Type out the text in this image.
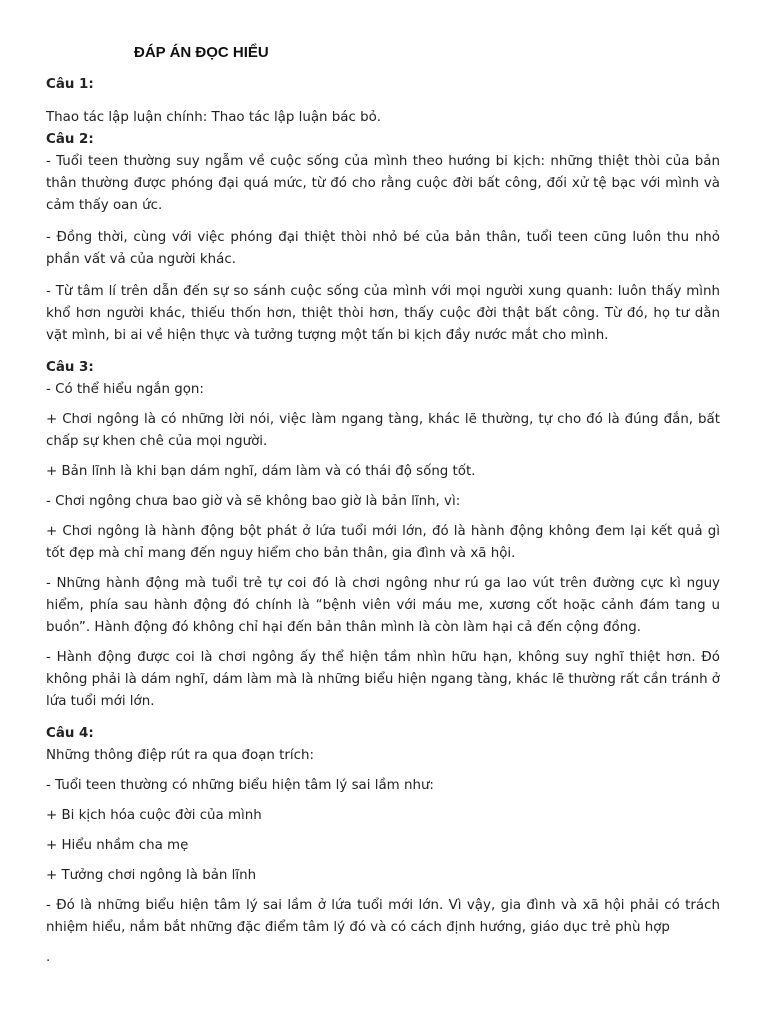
ĐÁP ÁN ĐỌC HIỂU

Câu 1:

Thao tác lập luận chính: Thao tác lập luận bác bỏ.

Câu 2:

- Tuổi teen thường suy ngẫm về cuộc sống của mình theo hướng bi kịch: những thiệt thòi của bản thân thường được phóng đại quá mức, từ đó cho rằng cuộc đời bất công, đối xử tệ bạc với mình và cảm thấy oan ức.

- Đồng thời, cùng với việc phóng đại thiệt thòi nhỏ bé của bản thân, tuổi teen cũng luôn thu nhỏ phần vất vả của người khác.

- Từ tâm lí trên dẫn đến sự so sánh cuộc sống của mình với mọi người xung quanh: luôn thấy mình khổ hơn người khác, thiếu thốn hơn, thiệt thòi hơn, thấy cuộc đời thật bất công. Từ đó, họ tư dằn vặt mình, bi ai về hiện thực và tưởng tượng một tấn bi kịch đầy nước mắt cho mình.

Câu 3:

- Có thể hiểu ngắn gọn:

+ Chơi ngông là có những lời nói, việc làm ngang tàng, khác lẽ thường, tự cho đó là đúng đắn, bất chấp sự khen chê của mọi người.

+ Bản lĩnh là khi bạn dám nghĩ, dám làm và có thái độ sống tốt.

- Chơi ngông chưa bao giờ và sẽ không bao giờ là bản lĩnh, vì:

+ Chơi ngông là hành động bột phát ở lứa tuổi mới lớn, đó là hành động không đem lại kết quả gì tốt đẹp mà chỉ mang đến nguy hiểm cho bản thân, gia đình và xã hội.

- Những hành động mà tuổi trẻ tự coi đó là chơi ngông như rú ga lao vút trên đường cực kì nguy hiểm, phía sau hành động đó chính là “bệnh viên với máu me, xương cốt hoặc cảnh đám tang u buồn”. Hành động đó không chỉ hại đến bản thân mình là còn làm hại cả đến cộng đồng.

- Hành động được coi là chơi ngông ấy thể hiện tầm nhìn hữu hạn, không suy nghĩ thiệt hơn. Đó không phải là dám nghĩ, dám làm mà là những biểu hiện ngang tàng, khác lẽ thường rất cần tránh ở lứa tuổi mới lớn.

Câu 4:

Những thông điệp rút ra qua đoạn trích:

- Tuổi teen thường có những biểu hiện tâm lý sai lầm như:

+ Bi kịch hóa cuộc đời của mình

+ Hiểu nhầm cha mẹ

+ Tưởng chơi ngông là bản lĩnh

- Đó là những biểu hiện tâm lý sai lầm ở lứa tuổi mới lớn. Vì vậy, gia đình và xã hội phải có trách nhiệm hiểu, nắm bắt những đặc điểm tâm lý đó và có cách định hướng, giáo dục trẻ phù hợp

.
